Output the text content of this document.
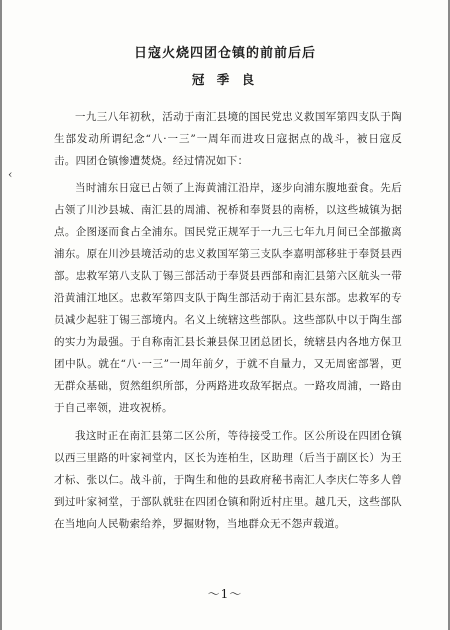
日寇火烧四团仓镇的前前后后
冠 季 良
‹

一九三八年初秋，活动于南汇县境的国民党忠义救国军第四支队于陶生部发动所谓纪念“八·一三”一周年而进攻日寇据点的战斗，被日寇反击。四团仓镇惨遭焚烧。经过情况如下：

当时浦东日寇已占领了上海黄浦江沿岸，逐步向浦东腹地蚕食。先后占领了川沙县城、南汇县的周浦、祝桥和奉贤县的南桥，以这些城镇为据点。企图逐而食占全浦东。国民党正规军于一九三七年九月间已全部撤离浦东。原在川沙县境活动的忠义救国军第三支队李嘉明部移驻于奉贤县西部。忠救军第八支队丁锡三部活动于奉贤县西部和南汇县第六区航头一带沿黄浦江地区。忠救军第四支队于陶生部活动于南汇县东部。忠救军的专员减少起驻丁锡三部境内。名义上统辖这些部队。这些部队中以于陶生部的实力为最强。于自称南汇县长兼县保卫团总团长，统辖县内各地方保卫团中队。就在“八·一三”一周年前夕，于就不自量力，又无周密部署，更无群众基础，贸然组织所部，分两路进攻敌军据点。一路攻周浦，一路由于自己率领，进攻祝桥。

我这时正在南汇县第二区公所，等待接受工作。区公所设在四团仓镇以西三里路的叶家祠堂内，区长为连柏生，区助理（后当于副区长）为王才标、张以仁。战斗前，于陶生和他的县政府秘书南汇人李庆仁等多人曾到过叶家祠堂，于部队就驻在四团仓镇和附近村庄里。越几天，这些部队在当地向人民勒索给养，罗掘财物，当地群众无不怨声载道。

～1～
